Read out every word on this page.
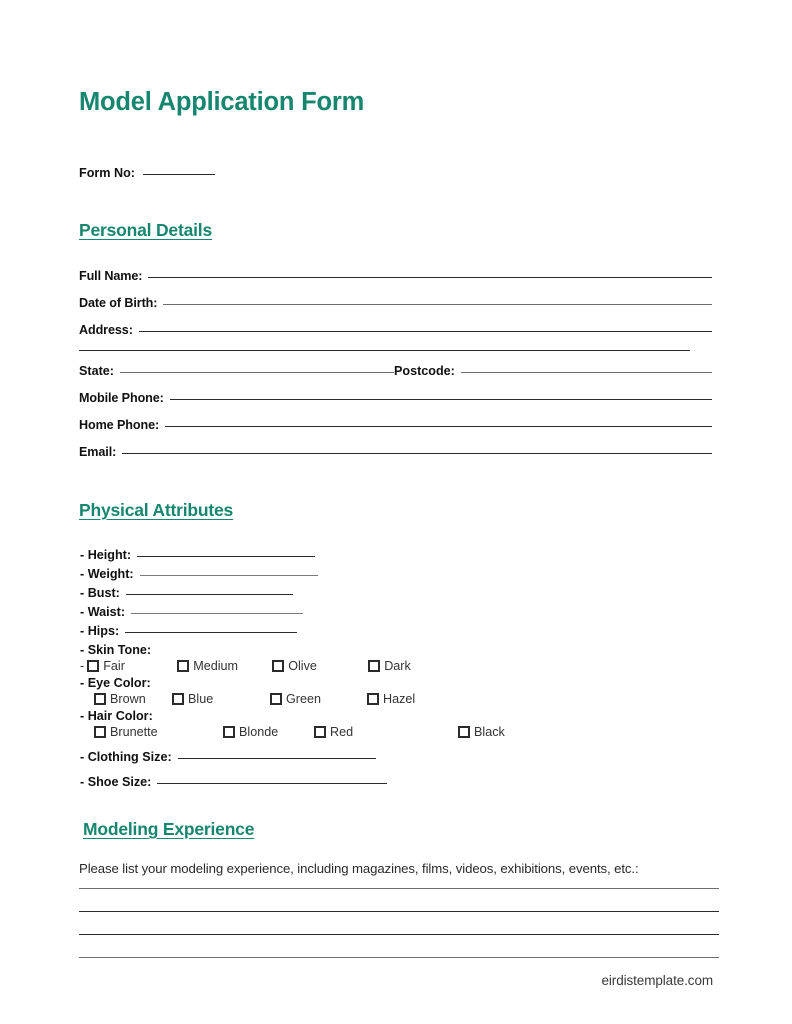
Model Application Form
Form No:
Personal Details
Full Name:
Date of Birth:
Address:
State:	Postcode:
Mobile Phone:
Home Phone:
Email:
Physical Attributes
- Height:
- Weight:
- Bust:
- Waist:
- Hips:
- Skin Tone:
- Fair	Medium	Olive	Dark
- Eye Color:
Brown	Blue	Green	Hazel
- Hair Color:
Brunette	Blonde	Red	Black
- Clothing Size:
- Shoe Size:
Modeling Experience

Please list your modeling experience, including magazines, films, videos, exhibitions, events, etc.:

eirdistemplate.com
